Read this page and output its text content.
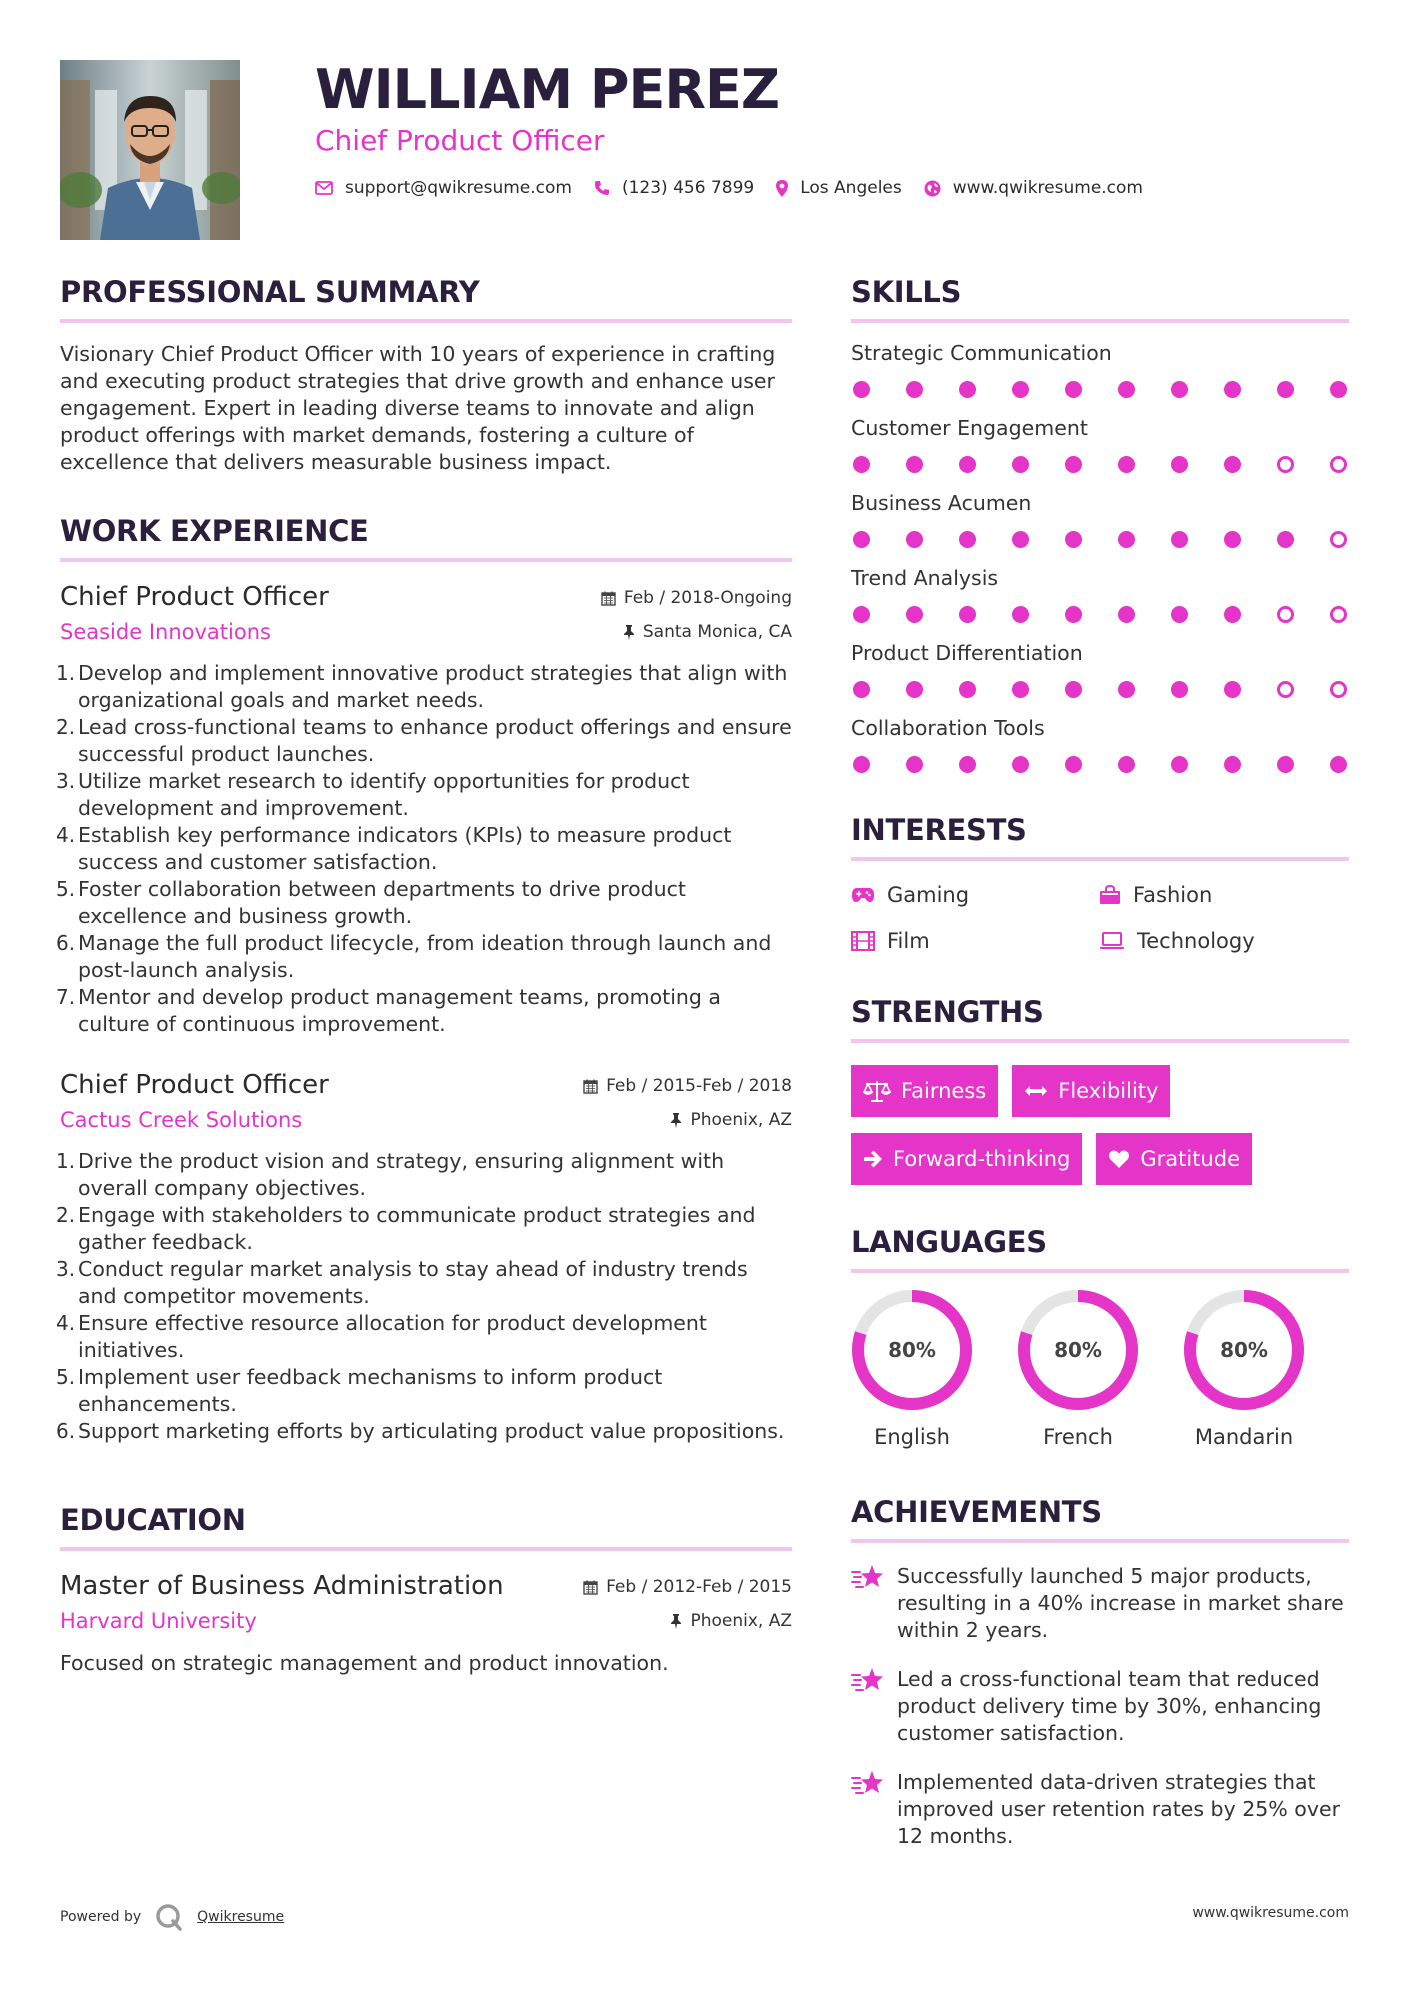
WILLIAM PEREZ
Chief Product Officer
support@qwikresume.com	(123) 456 7899	Los Angeles	www.qwikresume.com
PROFESSIONAL SUMMARY

Visionary Chief Product Officer with 10 years of experience in crafting and executing product strategies that drive growth and enhance user engagement. Expert in leading diverse teams to innovate and align product offerings with market demands, fostering a culture of excellence that delivers measurable business impact.

WORK EXPERIENCE
Chief Product Officer	Feb / 2018-Ongoing
Seaside Innovations	Santa Monica, CA
Develop and implement innovative product strategies that align with organizational goals and market needs.
Lead cross-functional teams to enhance product offerings and ensure successful product launches.
Utilize market research to identify opportunities for product development and improvement.
Establish key performance indicators (KPIs) to measure product success and customer satisfaction.
Foster collaboration between departments to drive product excellence and business growth.
Manage the full product lifecycle, from ideation through launch and post-launch analysis.
Mentor and develop product management teams, promoting a culture of continuous improvement.
Chief Product Officer	Feb / 2015-Feb / 2018
Cactus Creek Solutions	Phoenix, AZ
Drive the product vision and strategy, ensuring alignment with overall company objectives.
Engage with stakeholders to communicate product strategies and gather feedback.
Conduct regular market analysis to stay ahead of industry trends and competitor movements.
Ensure effective resource allocation for product development initiatives.
Implement user feedback mechanisms to inform product enhancements.
Support marketing efforts by articulating product value propositions.
EDUCATION
Master of Business Administration	Feb / 2012-Feb / 2015
Harvard University	Phoenix, AZ

Focused on strategic management and product innovation.

SKILLS
Strategic Communication
Customer Engagement
Business Acumen
Trend Analysis
Product Differentiation
Collaboration Tools
INTERESTS
Gaming	Fashion
Film	Technology
STRENGTHS
Fairness	Flexibility
Forward-thinking	Gratitude
LANGUAGES
80%
English
80%
French
80%
Mandarin
ACHIEVEMENTS
Successfully launched 5 major products, resulting in a 40% increase in market share within 2 years.
Led a cross-functional team that reduced product delivery time by 30%, enhancing customer satisfaction.
Implemented data-driven strategies that improved user retention rates by 25% over 12 months.
Powered by	Qwikresume	www.qwikresume.com
